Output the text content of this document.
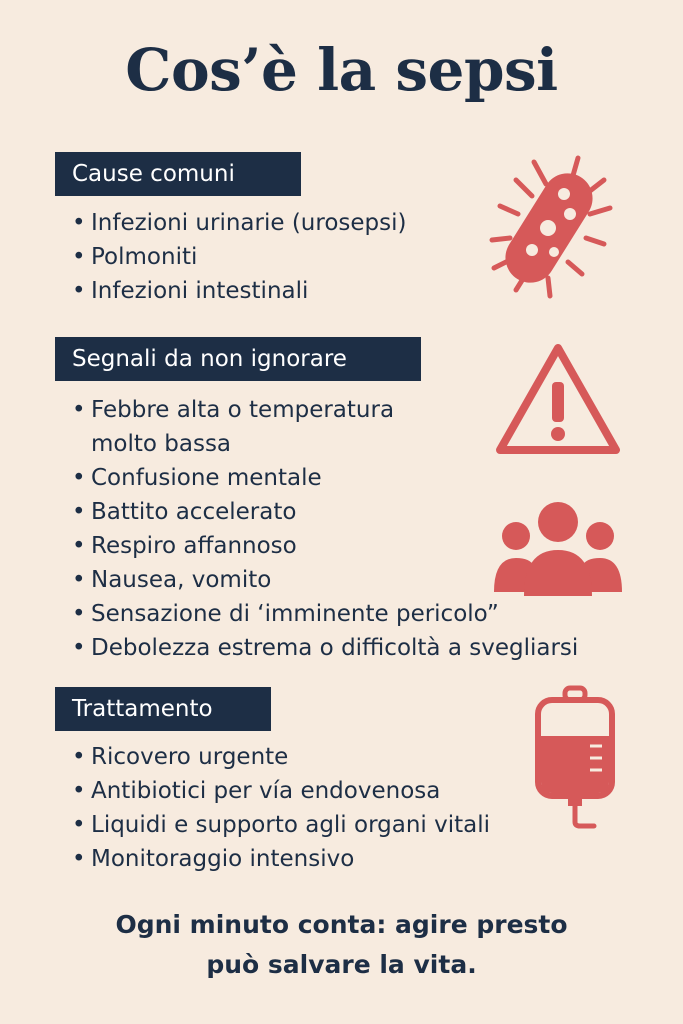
Cos’è la sepsi
Cause comuni
• Infezioni urinarie (urosepsi)
• Polmoniti
• Infezioni intestinali
Segnali da non ignorare
• Febbre alta o temperatura
molto bassa
• Confusione mentale
• Battito accelerato
• Respiro affannoso
• Nausea, vomito
• Sensazione di ‘imminente pericolo”
• Debolezza estrema o difficoltà a svegliarsi
Trattamento
• Ricovero urgente
• Antibiotici per vía endovenosa
• Liquidi e supporto agli organi vitali
• Monitoraggio intensivo
Ogni minuto conta: agire presto
può salvare la vita.
